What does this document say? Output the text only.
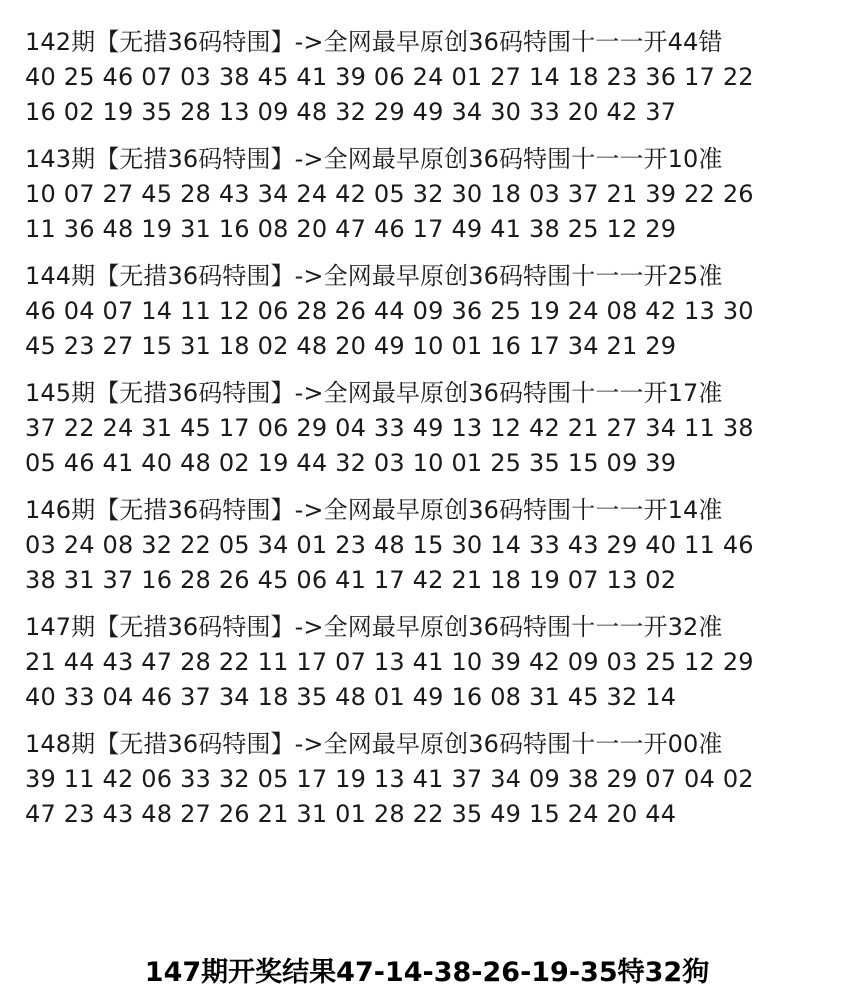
142期【无措36码特围】->全网最早原创36码特围十一一开44错
40 25 46 07 03 38 45 41 39 06 24 01 27 14 18 23 36 17 22
16 02 19 35 28 13 09 48 32 29 49 34 30 33 20 42 37
143期【无措36码特围】->全网最早原创36码特围十一一开10准
10 07 27 45 28 43 34 24 42 05 32 30 18 03 37 21 39 22 26
11 36 48 19 31 16 08 20 47 46 17 49 41 38 25 12 29
144期【无措36码特围】->全网最早原创36码特围十一一开25准
46 04 07 14 11 12 06 28 26 44 09 36 25 19 24 08 42 13 30
45 23 27 15 31 18 02 48 20 49 10 01 16 17 34 21 29
145期【无措36码特围】->全网最早原创36码特围十一一开17准
37 22 24 31 45 17 06 29 04 33 49 13 12 42 21 27 34 11 38
05 46 41 40 48 02 19 44 32 03 10 01 25 35 15 09 39
146期【无措36码特围】->全网最早原创36码特围十一一开14准
03 24 08 32 22 05 34 01 23 48 15 30 14 33 43 29 40 11 46
38 31 37 16 28 26 45 06 41 17 42 21 18 19 07 13 02
147期【无措36码特围】->全网最早原创36码特围十一一开32准
21 44 43 47 28 22 11 17 07 13 41 10 39 42 09 03 25 12 29
40 33 04 46 37 34 18 35 48 01 49 16 08 31 45 32 14
148期【无措36码特围】->全网最早原创36码特围十一一开00准
39 11 42 06 33 32 05 17 19 13 41 37 34 09 38 29 07 04 02
47 23 43 48 27 26 21 31 01 28 22 35 49 15 24 20 44
147期开奖结果47-14-38-26-19-35特32狗
